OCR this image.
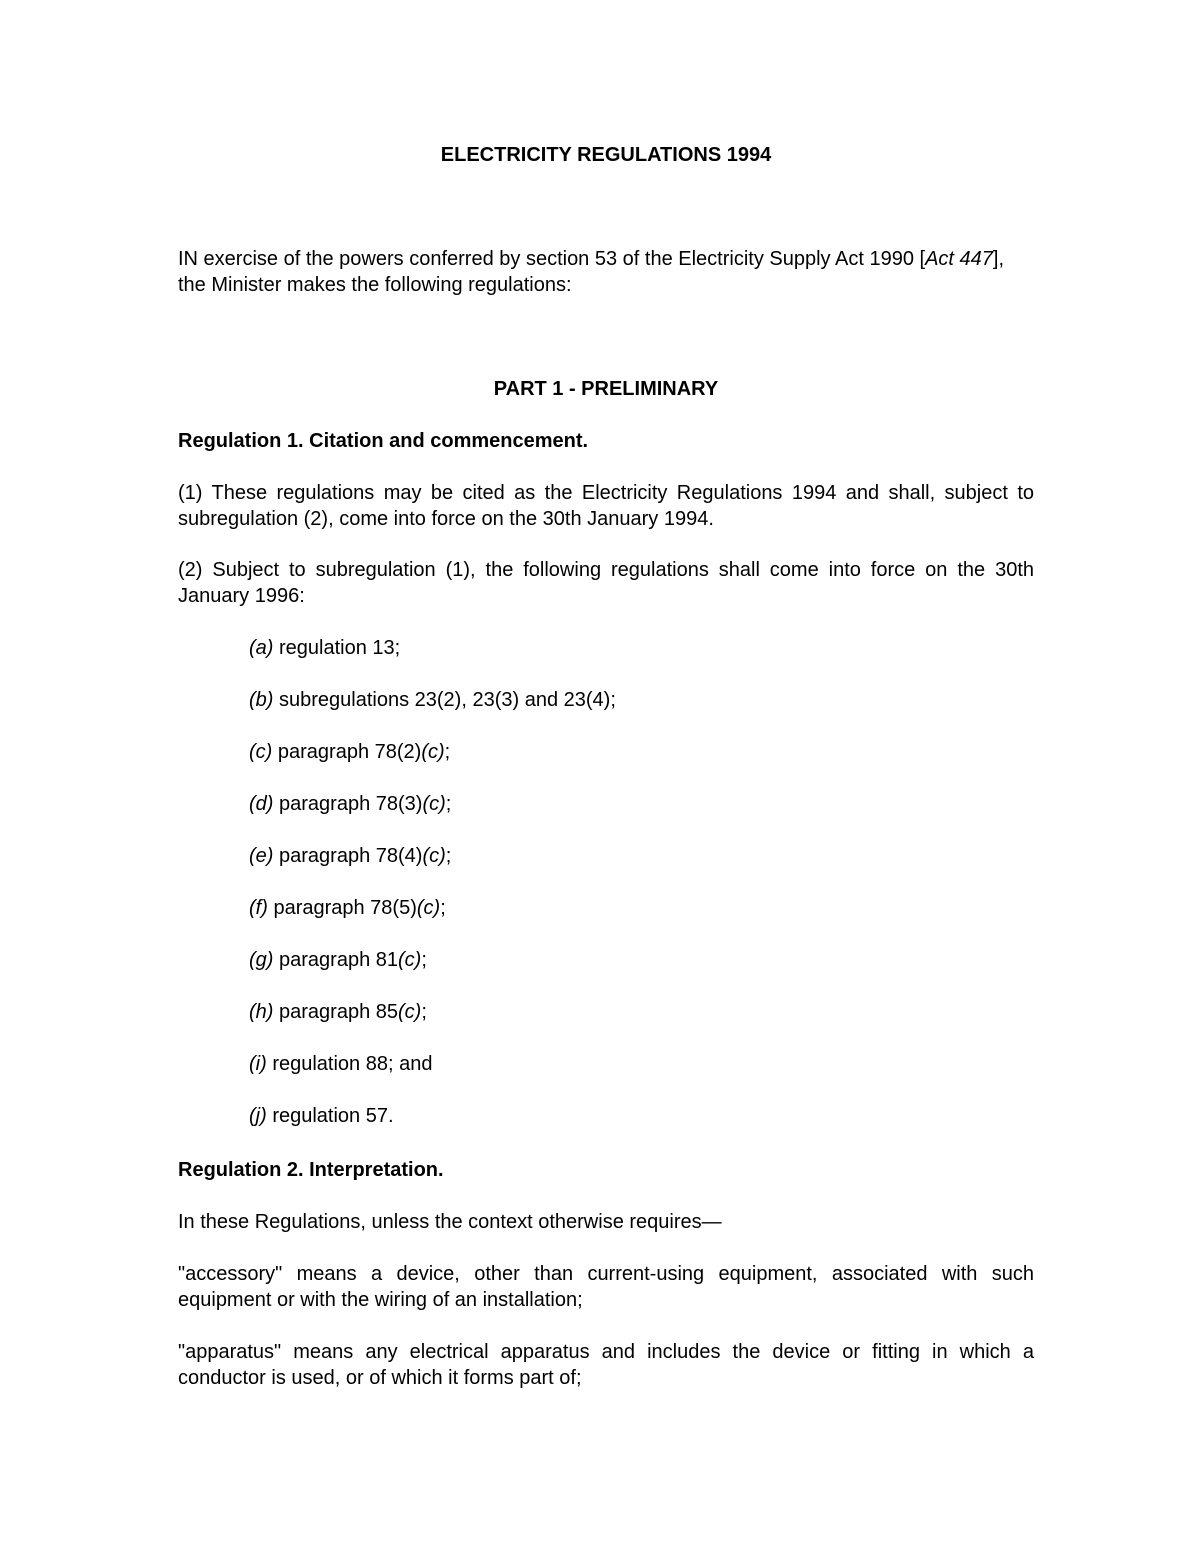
ELECTRICITY REGULATIONS 1994

IN exercise of the powers conferred by section 53 of the Electricity Supply Act 1990 [Act 447], the Minister makes the following regulations:

PART 1 - PRELIMINARY

Regulation 1. Citation and commencement.

(1) These regulations may be cited as the Electricity Regulations 1994 and shall, subject to subregulation (2), come into force on the 30th January 1994.

(2) Subject to subregulation (1), the following regulations shall come into force on the 30th January 1996:

(a) regulation 13;

(b) subregulations 23(2), 23(3) and 23(4);

(c) paragraph 78(2)(c);

(d) paragraph 78(3)(c);

(e) paragraph 78(4)(c);

(f) paragraph 78(5)(c);

(g) paragraph 81(c);

(h) paragraph 85(c);

(i) regulation 88; and

(j) regulation 57.

Regulation 2. Interpretation.

In these Regulations, unless the context otherwise requires—

"accessory" means a device, other than current-using equipment, associated with such equipment or with the wiring of an installation;

"apparatus" means any electrical apparatus and includes the device or fitting in which a conductor is used, or of which it forms part of;
